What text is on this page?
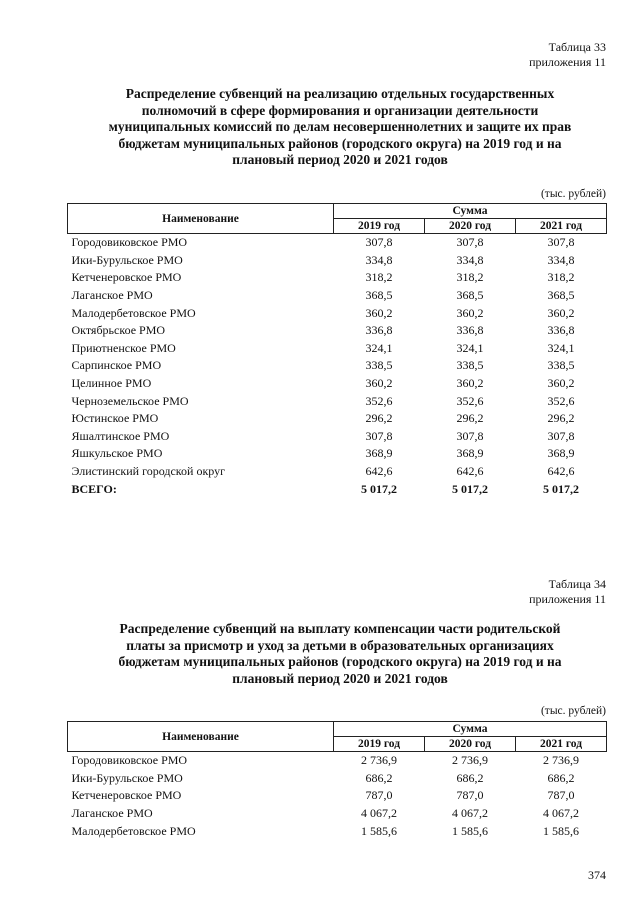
Таблица 33
приложения 11
Распределение субвенций на реализацию отдельных государственных
полномочий в сфере формирования и организации деятельности
муниципальных комиссий по делам несовершеннолетних и защите их прав
бюджетам муниципальных районов (городского округа) на 2019 год и на
плановый период 2020 и 2021 годов
(тыс. рублей)
Наименование	Сумма		
	2019 год	2020 год	2021 год
Городовиковское РМО	307,8	307,8	307,8
Ики-Бурульское РМО	334,8	334,8	334,8
Кетченеровское РМО	318,2	318,2	318,2
Лаганское РМО	368,5	368,5	368,5
Малодербетовское РМО	360,2	360,2	360,2
Октябрьское РМО	336,8	336,8	336,8
Приютненское РМО	324,1	324,1	324,1
Сарпинское РМО	338,5	338,5	338,5
Целинное РМО	360,2	360,2	360,2
Черноземельское РМО	352,6	352,6	352,6
Юстинское РМО	296,2	296,2	296,2
Яшалтинское РМО	307,8	307,8	307,8
Яшкульское РМО	368,9	368,9	368,9
Элистинский городской округ	642,6	642,6	642,6
ВСЕГО:	5 017,2	5 017,2	5 017,2
Таблица 34
приложения 11
Распределение субвенций на выплату компенсации части родительской
платы за присмотр и уход за детьми в образовательных организациях
бюджетам муниципальных районов (городского округа) на 2019 год и на
плановый период 2020 и 2021 годов
(тыс. рублей)
Наименование	Сумма		
	2019 год	2020 год	2021 год
Городовиковское РМО	2 736,9	2 736,9	2 736,9
Ики-Бурульское РМО	686,2	686,2	686,2
Кетченеровское РМО	787,0	787,0	787,0
Лаганское РМО	4 067,2	4 067,2	4 067,2
Малодербетовское РМО	1 585,6	1 585,6	1 585,6
374
